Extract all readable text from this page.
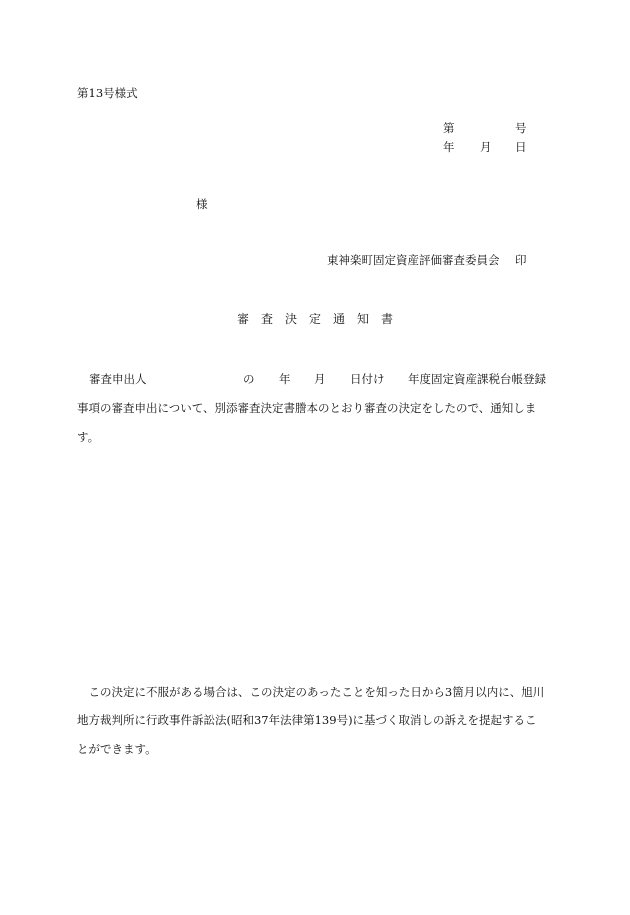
第13号様式
第	号
年 月 日
様
東神楽町固定資産評価審査委員会 印
審　査　決　定　通　知　書
審査申出人	の 年 月 日付け 年度固定資産課税台帳登録
事項の審査申出について、別添審査決定書謄本のとおり審査の決定をしたので、通知しま
す。
　この決定に不服がある場合は、この決定のあったことを知った日から3箇月以内に、旭川
地方裁判所に行政事件訴訟法(昭和37年法律第139号)に基づく取消しの訴えを提起するこ
とができます。
